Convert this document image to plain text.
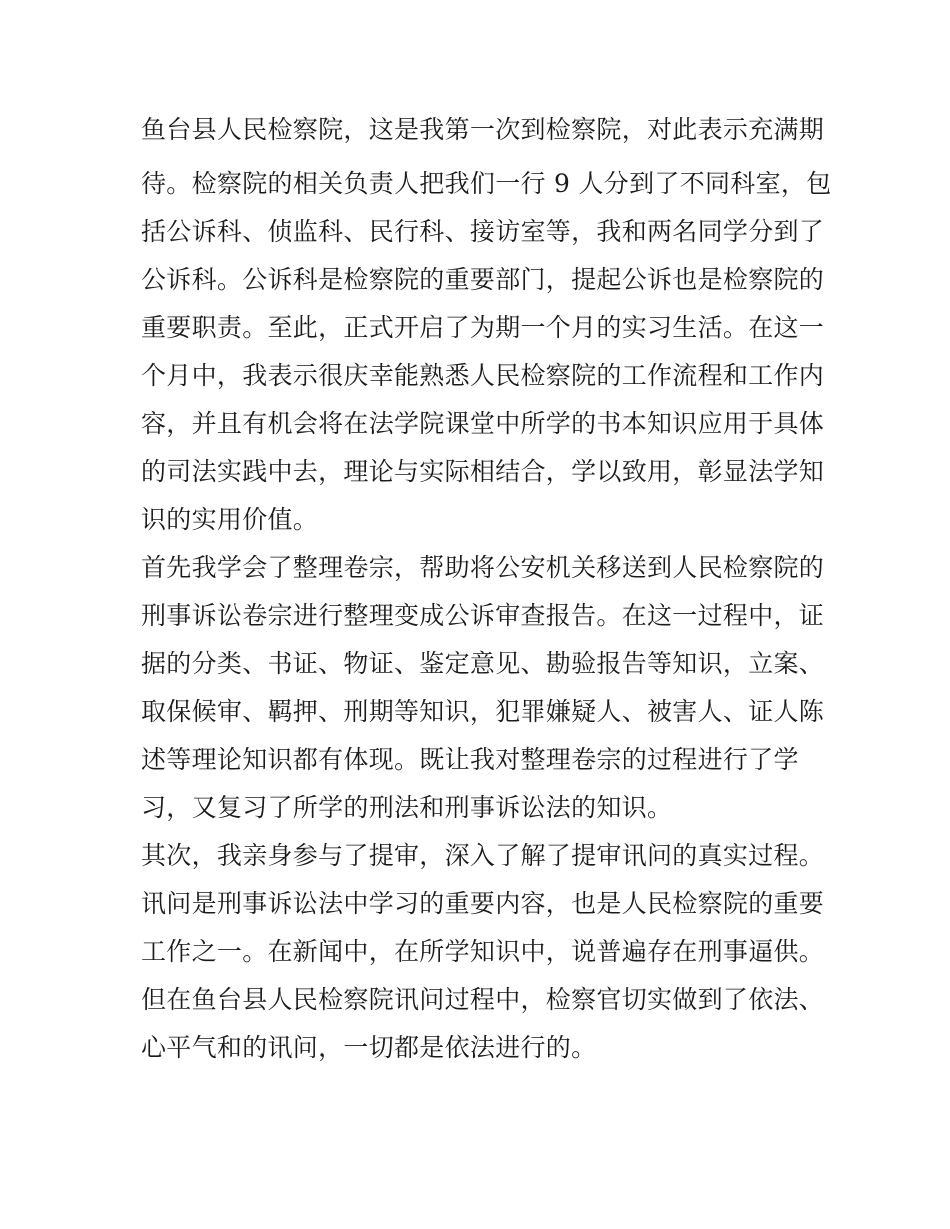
鱼台县人民检察院，这是我第一次到检察院，对此表示充满期
待。检察院的相关负责人把我们一行 9 人分到了不同科室，包
括公诉科、侦监科、民行科、接访室等，我和两名同学分到了
公诉科。公诉科是检察院的重要部门，提起公诉也是检察院的
重要职责。至此，正式开启了为期一个月的实习生活。在这一
个月中，我表示很庆幸能熟悉人民检察院的工作流程和工作内
容，并且有机会将在法学院课堂中所学的书本知识应用于具体
的司法实践中去，理论与实际相结合，学以致用，彰显法学知
识的实用价值。
首先我学会了整理卷宗，帮助将公安机关移送到人民检察院的
刑事诉讼卷宗进行整理变成公诉审查报告。在这一过程中，证
据的分类、书证、物证、鉴定意见、勘验报告等知识，立案、
取保候审、羁押、刑期等知识，犯罪嫌疑人、被害人、证人陈
述等理论知识都有体现。既让我对整理卷宗的过程进行了学
习，又复习了所学的刑法和刑事诉讼法的知识。
其次，我亲身参与了提审，深入了解了提审讯问的真实过程。
讯问是刑事诉讼法中学习的重要内容，也是人民检察院的重要
工作之一。在新闻中，在所学知识中，说普遍存在刑事逼供。
但在鱼台县人民检察院讯问过程中，检察官切实做到了依法、
心平气和的讯问，一切都是依法进行的。
